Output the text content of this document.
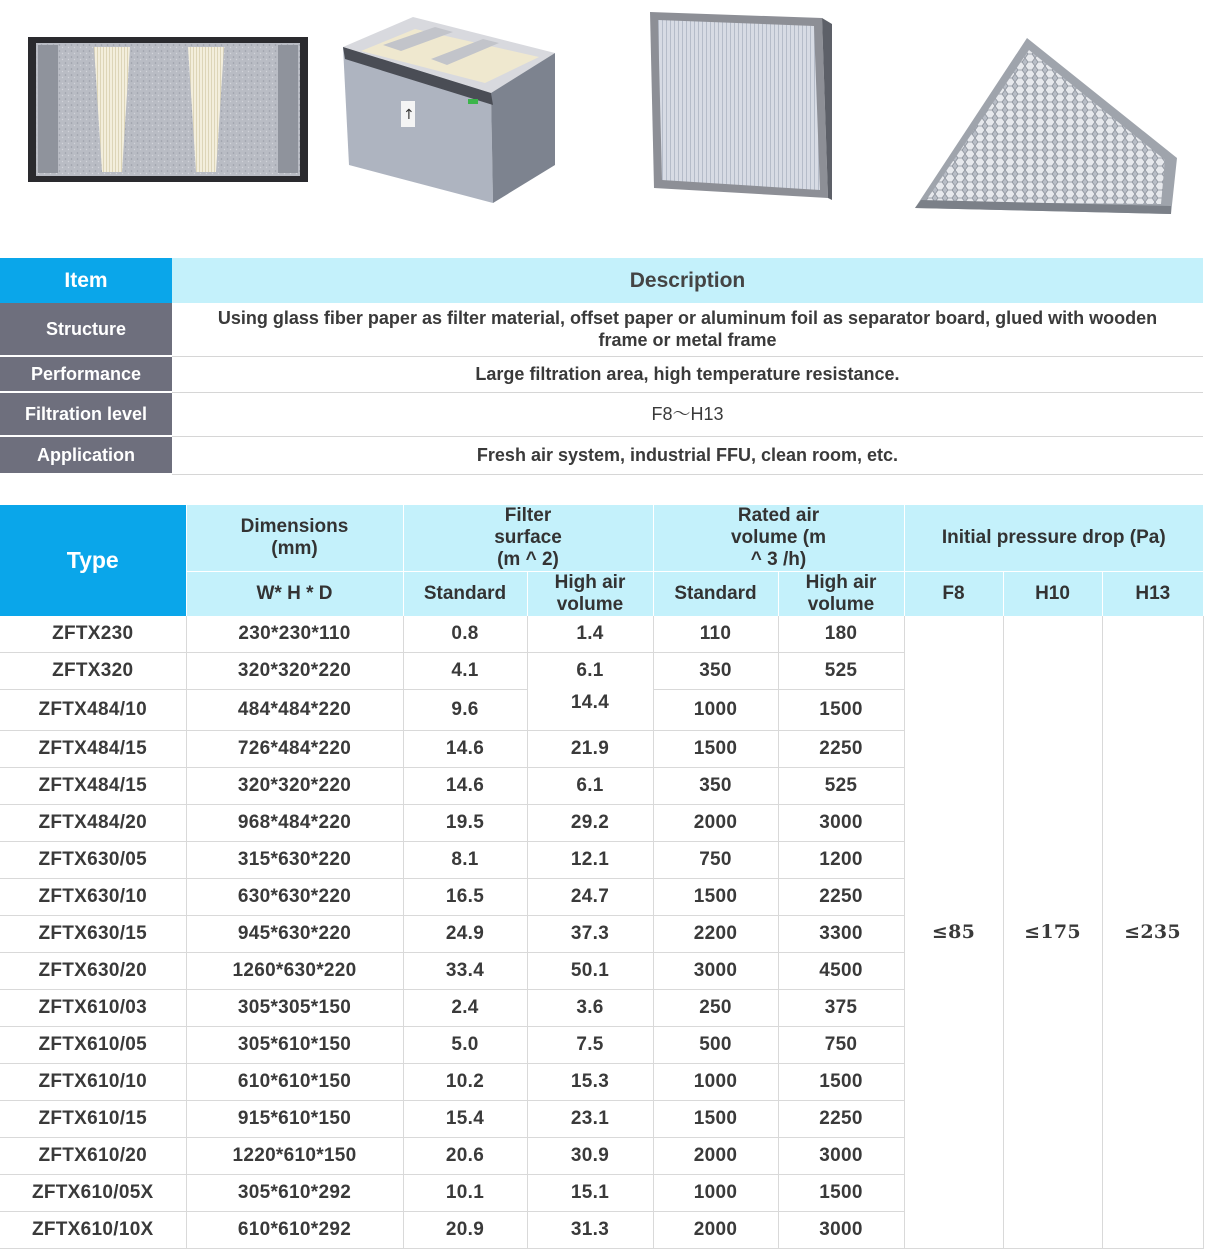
↑
Item	Description
Structure	Using glass fiber paper as filter material, offset paper or aluminum foil as separator board, glued with wooden frame or metal frame
Performance	Large filtration area, high temperature resistance.
Filtration level	F8～H13
Application	Fresh air system, industrial FFU, clean room, etc.
Type	Dimensions (mm)	Filter surface (m ^ 2)		Rated air volume (m ^ 3 /h)		Initial pressure drop (Pa)		
	W* H * D	Standard	High air volume	Standard	High air volume	F8	H10	H13
ZFTX230	230*230*110	0.8	1.4	110	180	≤85	≤175	≤235
ZFTX320	320*320*220	4.1	6.1	350	525			
ZFTX484/10	484*484*220	9.6	14.4	1000	1500			
ZFTX484/15	726*484*220	14.6	21.9	1500	2250			
ZFTX484/15	320*320*220	14.6	6.1	350	525			
ZFTX484/20	968*484*220	19.5	29.2	2000	3000			
ZFTX630/05	315*630*220	8.1	12.1	750	1200			
ZFTX630/10	630*630*220	16.5	24.7	1500	2250			
ZFTX630/15	945*630*220	24.9	37.3	2200	3300			
ZFTX630/20	1260*630*220	33.4	50.1	3000	4500			
ZFTX610/03	305*305*150	2.4	3.6	250	375			
ZFTX610/05	305*610*150	5.0	7.5	500	750			
ZFTX610/10	610*610*150	10.2	15.3	1000	1500			
ZFTX610/15	915*610*150	15.4	23.1	1500	2250			
ZFTX610/20	1220*610*150	20.6	30.9	2000	3000			
ZFTX610/05X	305*610*292	10.1	15.1	1000	1500			
ZFTX610/10X	610*610*292	20.9	31.3	2000	3000			
